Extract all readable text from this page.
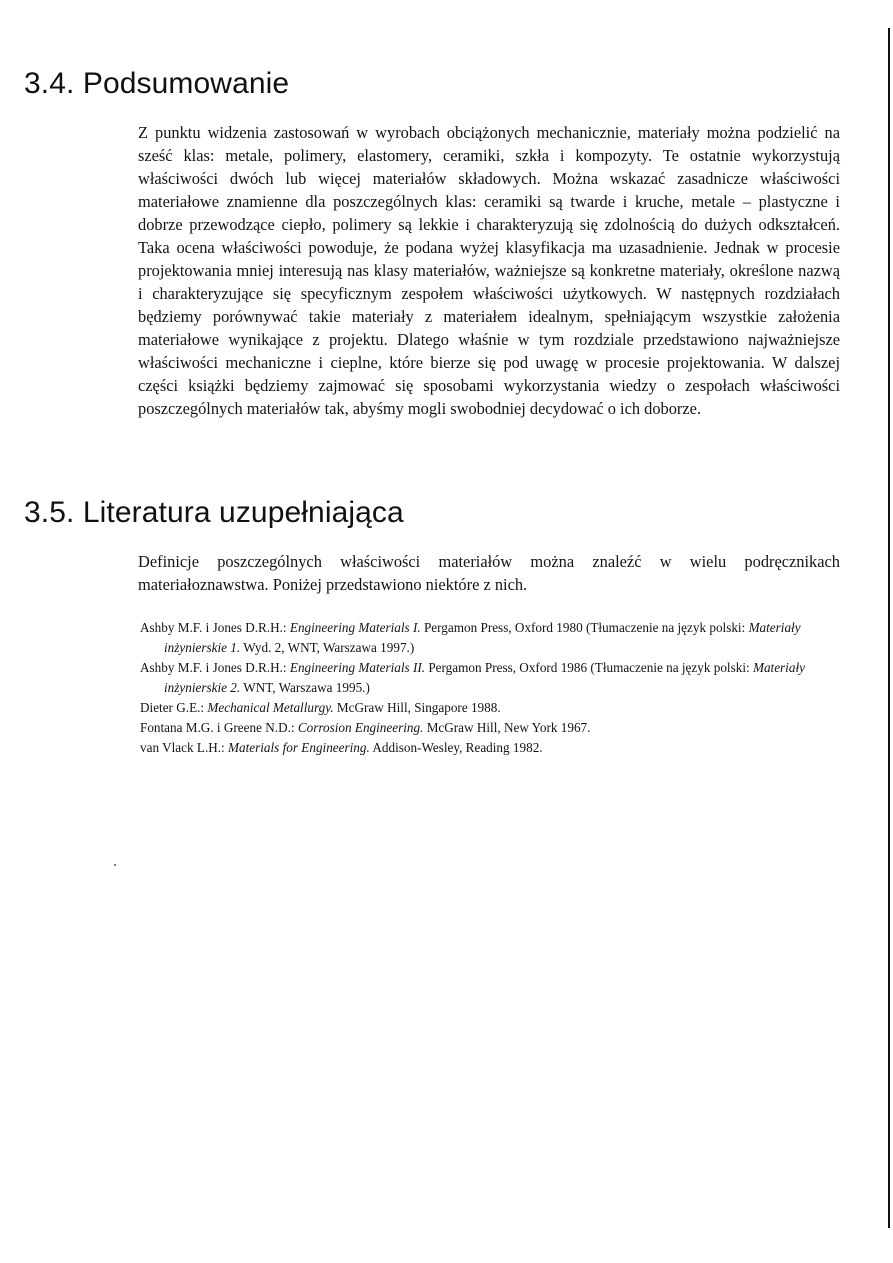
3.4. Podsumowanie

Z punktu widzenia zastosowań w wyrobach obciążonych mechanicznie, materiały można podzielić na sześć klas: metale, polimery, elastomery, ceramiki, szkła i kompozyty. Te ostatnie wykorzystują właściwości dwóch lub więcej materiałów składowych. Można wskazać zasadnicze właściwości materiałowe znamienne dla poszczególnych klas: ceramiki są twarde i kruche, metale – plastyczne i dobrze przewodzące ciepło, polimery są lekkie i charakteryzują się zdolnością do dużych odkształceń. Taka ocena właściwości powoduje, że podana wyżej klasyfikacja ma uzasadnienie. Jednak w procesie projektowania mniej interesują nas klasy materiałów, ważniejsze są konkretne materiały, określone nazwą i charakteryzujące się specyficznym zespołem właściwości użytkowych. W następnych rozdziałach będziemy porównywać takie materiały z materiałem idealnym, spełniającym wszystkie założenia materiałowe wynikające z projektu. Dlatego właśnie w tym rozdziale przedstawiono najważniejsze właściwości mechaniczne i cieplne, które bierze się pod uwagę w procesie projektowania. W dalszej części książki będziemy zajmować się sposobami wykorzystania wiedzy o zespołach właściwości poszczególnych materiałów tak, abyśmy mogli swobodniej decydować o ich doborze.

3.5. Literatura uzupełniająca

Definicje poszczególnych właściwości materiałów można znaleźć w wielu podręcznikach materiałoznawstwa. Poniżej przedstawiono niektóre z nich.

Ashby M.F. i Jones D.R.H.: Engineering Materials I. Pergamon Press, Oxford 1980 (Tłumaczenie na język polski: Materiały inżynierskie 1. Wyd. 2, WNT, Warszawa 1997.)
Ashby M.F. i Jones D.R.H.: Engineering Materials II. Pergamon Press, Oxford 1986 (Tłumaczenie na język polski: Materiały inżynierskie 2. WNT, Warszawa 1995.)
Dieter G.E.: Mechanical Metallurgy. McGraw Hill, Singapore 1988.
Fontana M.G. i Greene N.D.: Corrosion Engineering. McGraw Hill, New York 1967.
van Vlack L.H.: Materials for Engineering. Addison-Wesley, Reading 1982.
